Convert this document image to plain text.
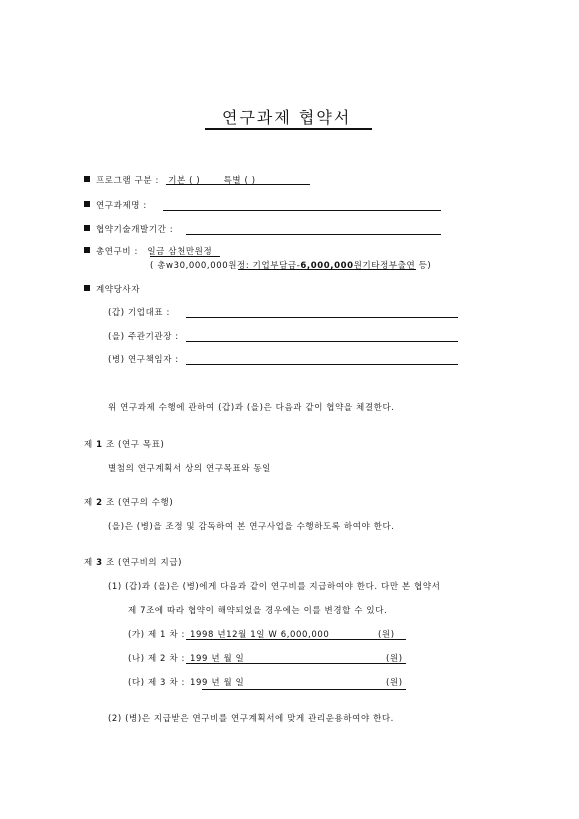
연구과제 협약서
프로그램 구분 : 기본 ( )	특별 ( )
연구과제명 :
협약기술개발기간 :
총연구비 : 일금 삼천만원정
( 총w30,000,000원정: 기업부담금-6,000,000원기타정부출연 등)
계약당사자
(갑) 기업대표 :
(을) 주관기관장 :
(병) 연구책임자 :
위 연구과제 수행에 관하여 (갑)과 (을)은 다음과 같이 협약을 체결한다.
제 1 조 (연구 목표)
별첨의 연구계획서 상의 연구목표와 동일
제 2 조 (연구의 수행)
(을)은 (병)을 조정 및 감독하여 본 연구사업을 수행하도록 하여야 한다.
제 3 조 (연구비의 지급)
(1) (갑)과 (을)은 (병)에게 다음과 같이 연구비를 지급하여야 한다. 다만 본 협약서
제 7조에 따라 협약이 해약되었을 경우에는 이를 변경할 수 있다.
(가) 제 1 차 : 1998 년12월 1일 W 6,000,000	(원)
(나) 제 2 차 : 199 년 월 일	(원)
(다) 제 3 차 : 199 년 월 일	(원)
(2) (병)은 지급받은 연구비를 연구계획서에 맞게 관리운용하여야 한다.
